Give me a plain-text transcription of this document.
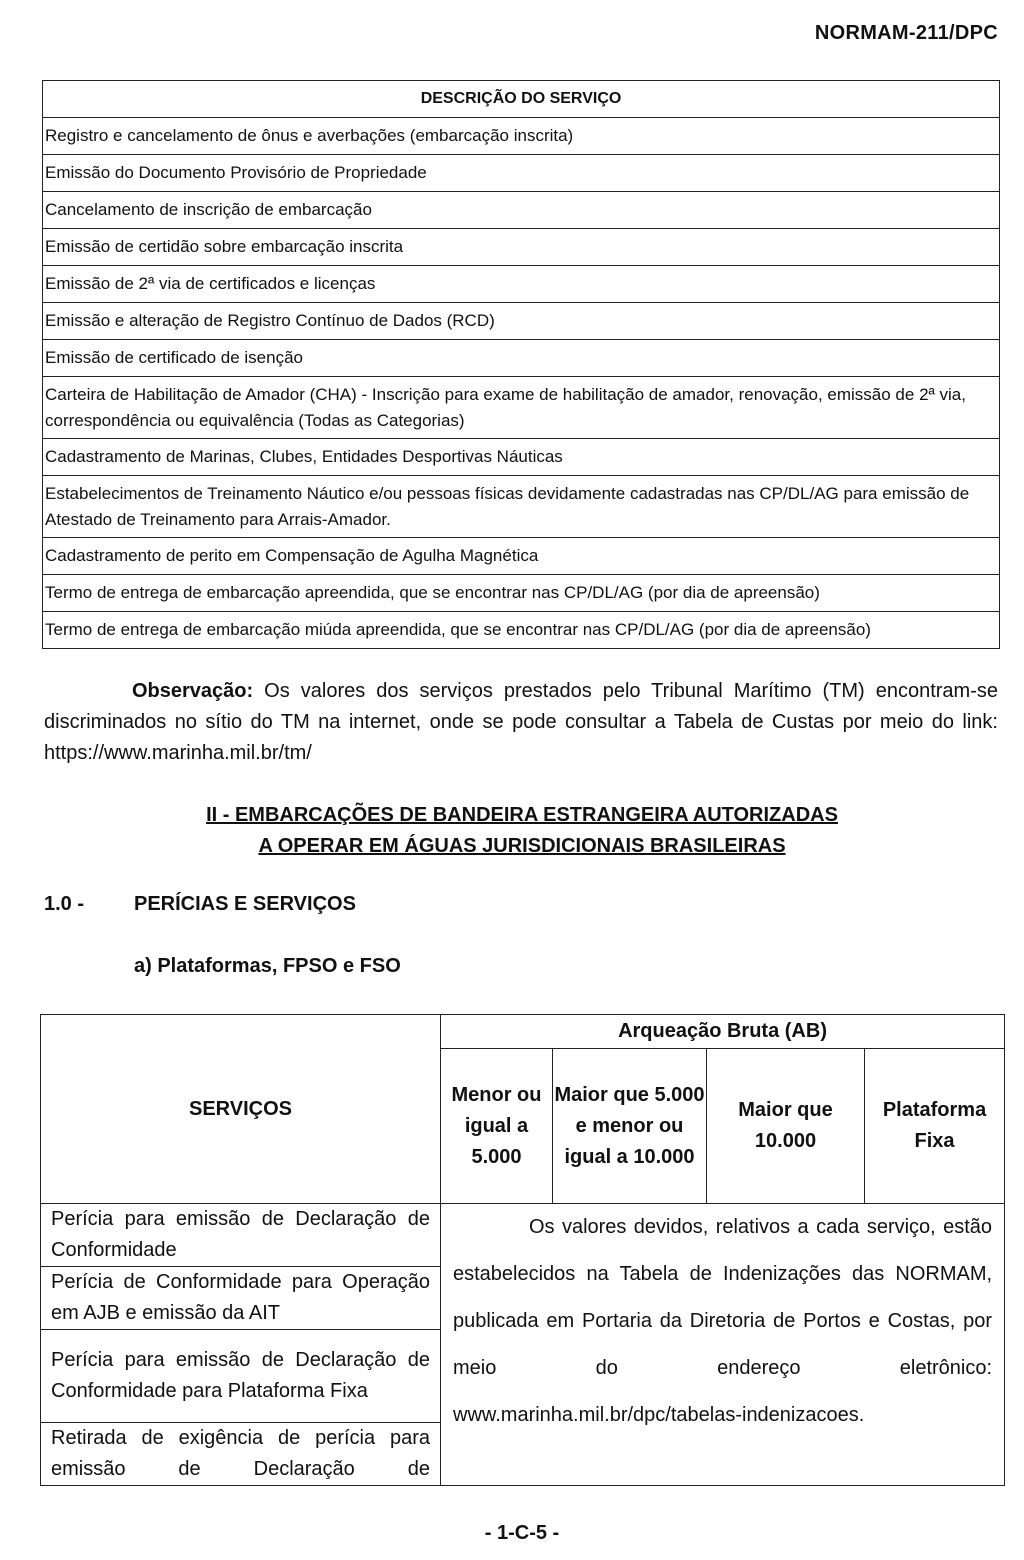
NORMAM-211/DPC
DESCRIÇÃO DO SERVIÇO
Registro e cancelamento de ônus e averbações (embarcação inscrita)
Emissão do Documento Provisório de Propriedade
Cancelamento de inscrição de embarcação
Emissão de certidão sobre embarcação inscrita
Emissão de 2ª via de certificados e licenças
Emissão e alteração de Registro Contínuo de Dados (RCD)
Emissão de certificado de isenção
Carteira de Habilitação de Amador (CHA) - Inscrição para exame de habilitação de amador, renovação, emissão de 2ª via, correspondência ou equivalência (Todas as Categorias)
Cadastramento de Marinas, Clubes, Entidades Desportivas Náuticas
Estabelecimentos de Treinamento Náutico e/ou pessoas físicas devidamente cadastradas nas CP/DL/AG para emissão de Atestado de Treinamento para Arrais-Amador.
Cadastramento de perito em Compensação de Agulha Magnética
Termo de entrega de embarcação apreendida, que se encontrar nas CP/DL/AG (por dia de apreensão)
Termo de entrega de embarcação miúda apreendida, que se encontrar nas CP/DL/AG (por dia de apreensão)
Observação: Os valores dos serviços prestados pelo Tribunal Marítimo (TM) encontram-se discriminados no sítio do TM na internet, onde se pode consultar a Tabela de Custas por meio do link: https://www.marinha.mil.br/tm/
II - EMBARCAÇÕES DE BANDEIRA ESTRANGEIRA AUTORIZADAS
A OPERAR EM ÁGUAS JURISDICIONAIS BRASILEIRAS
1.0 - PERÍCIAS E SERVIÇOS
a) Plataformas, FPSO e FSO
SERVIÇOS	Arqueação Bruta (AB)			
	Menor ou igual a 5.000	Maior que 5.000 e menor ou igual a 10.000	Maior que 10.000	Plataforma Fixa
Perícia para emissão de Declaração de Conformidade	Os valores devidos, relativos a cada serviço, estão estabelecidos na Tabela de Indenizações das NORMAM, publicada em Portaria da Diretoria de Portos e Costas, por meio do endereço eletrônico: www.marinha.mil.br/dpc/tabelas-indenizacoes.			
Perícia de Conformidade para Operação em AJB e emissão da AIT				
Perícia para emissão de Declaração de Conformidade para Plataforma Fixa				
Retirada de exigência de perícia para emissão de Declaração de				
- 1-C-5 -
